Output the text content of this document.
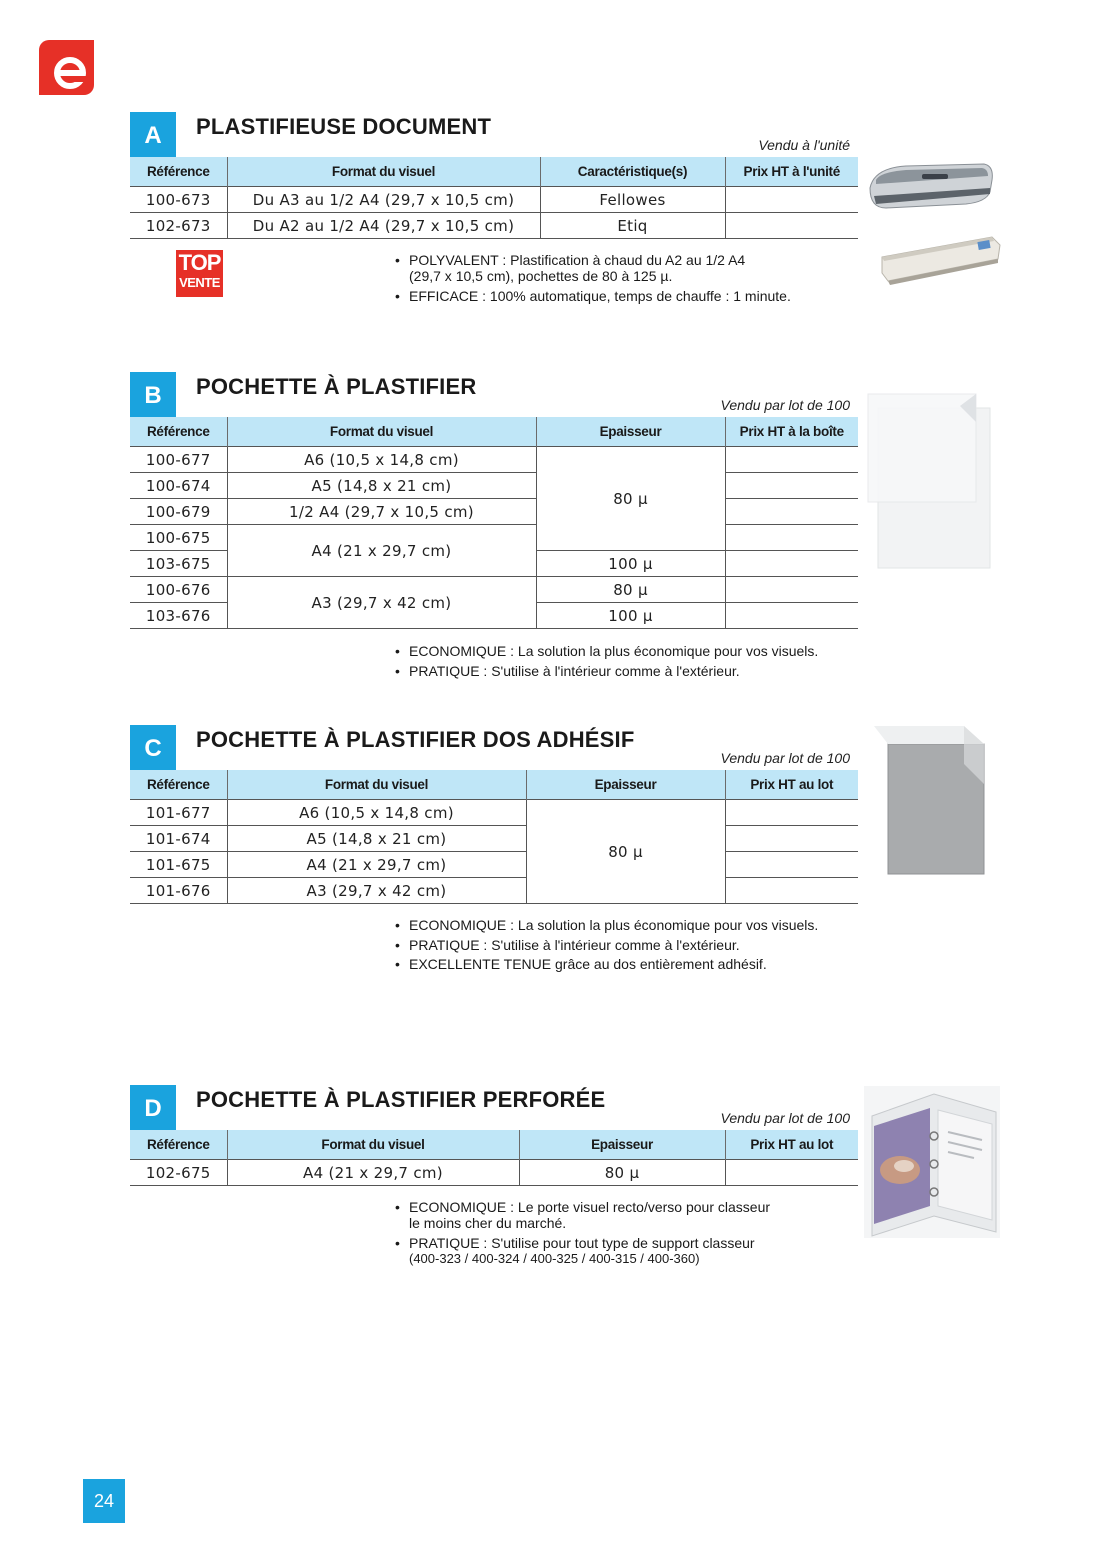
A	PLASTIFIEUSE DOCUMENT
Vendu à l'unité
Référence	Format du visuel	Caractéristique(s)	Prix HT à l'unité
100-673	Du A3 au 1/2 A4 (29,7 x 10,5 cm)	Fellowes	
102-673	Du A2 au 1/2 A4 (29,7 x 10,5 cm)	Etiq	
• POLYVALENT : Plastification à chaud du A2 au 1/2 A4
(29,7 x 10,5 cm), pochettes de 80 à 125 µ.
• EFFICACE : 100% automatique, temps de chauffe : 1 minute.
TOP
VENTE
B	POCHETTE À PLASTIFIER
Vendu par lot de 100
Référence	Format du visuel	Epaisseur	Prix HT à la boîte
100-677	A6 (10,5 x 14,8 cm)	80 µ	
100-674	A5 (14,8 x 21 cm)		
100-679	1/2 A4 (29,7 x 10,5 cm)		
100-675	A4 (21 x 29,7 cm)		
103-675		100 µ	
100-676	A3 (29,7 x 42 cm)	80 µ	
103-676		100 µ	
• ECONOMIQUE : La solution la plus économique pour vos visuels.
• PRATIQUE : S'utilise à l'intérieur comme à l'extérieur.
C	POCHETTE À PLASTIFIER DOS ADHÉSIF
Vendu par lot de 100
Référence	Format du visuel	Epaisseur	Prix HT au lot
101-677	A6 (10,5 x 14,8 cm)	80 µ	
101-674	A5 (14,8 x 21 cm)		
101-675	A4 (21 x 29,7 cm)		
101-676	A3 (29,7 x 42 cm)		
• ECONOMIQUE : La solution la plus économique pour vos visuels.
• PRATIQUE : S'utilise à l'intérieur comme à l'extérieur.
• EXCELLENTE TENUE grâce au dos entièrement adhésif.
D	POCHETTE À PLASTIFIER PERFORÉE
Vendu par lot de 100
Référence	Format du visuel	Epaisseur	Prix HT au lot
102-675	A4 (21 x 29,7 cm)	80 µ	
• ECONOMIQUE : Le porte visuel recto/verso pour classeur
le moins cher du marché.
• PRATIQUE : S'utilise pour tout type de support classeur
(400-323 / 400-324 / 400-325 / 400-315 / 400-360)
24
